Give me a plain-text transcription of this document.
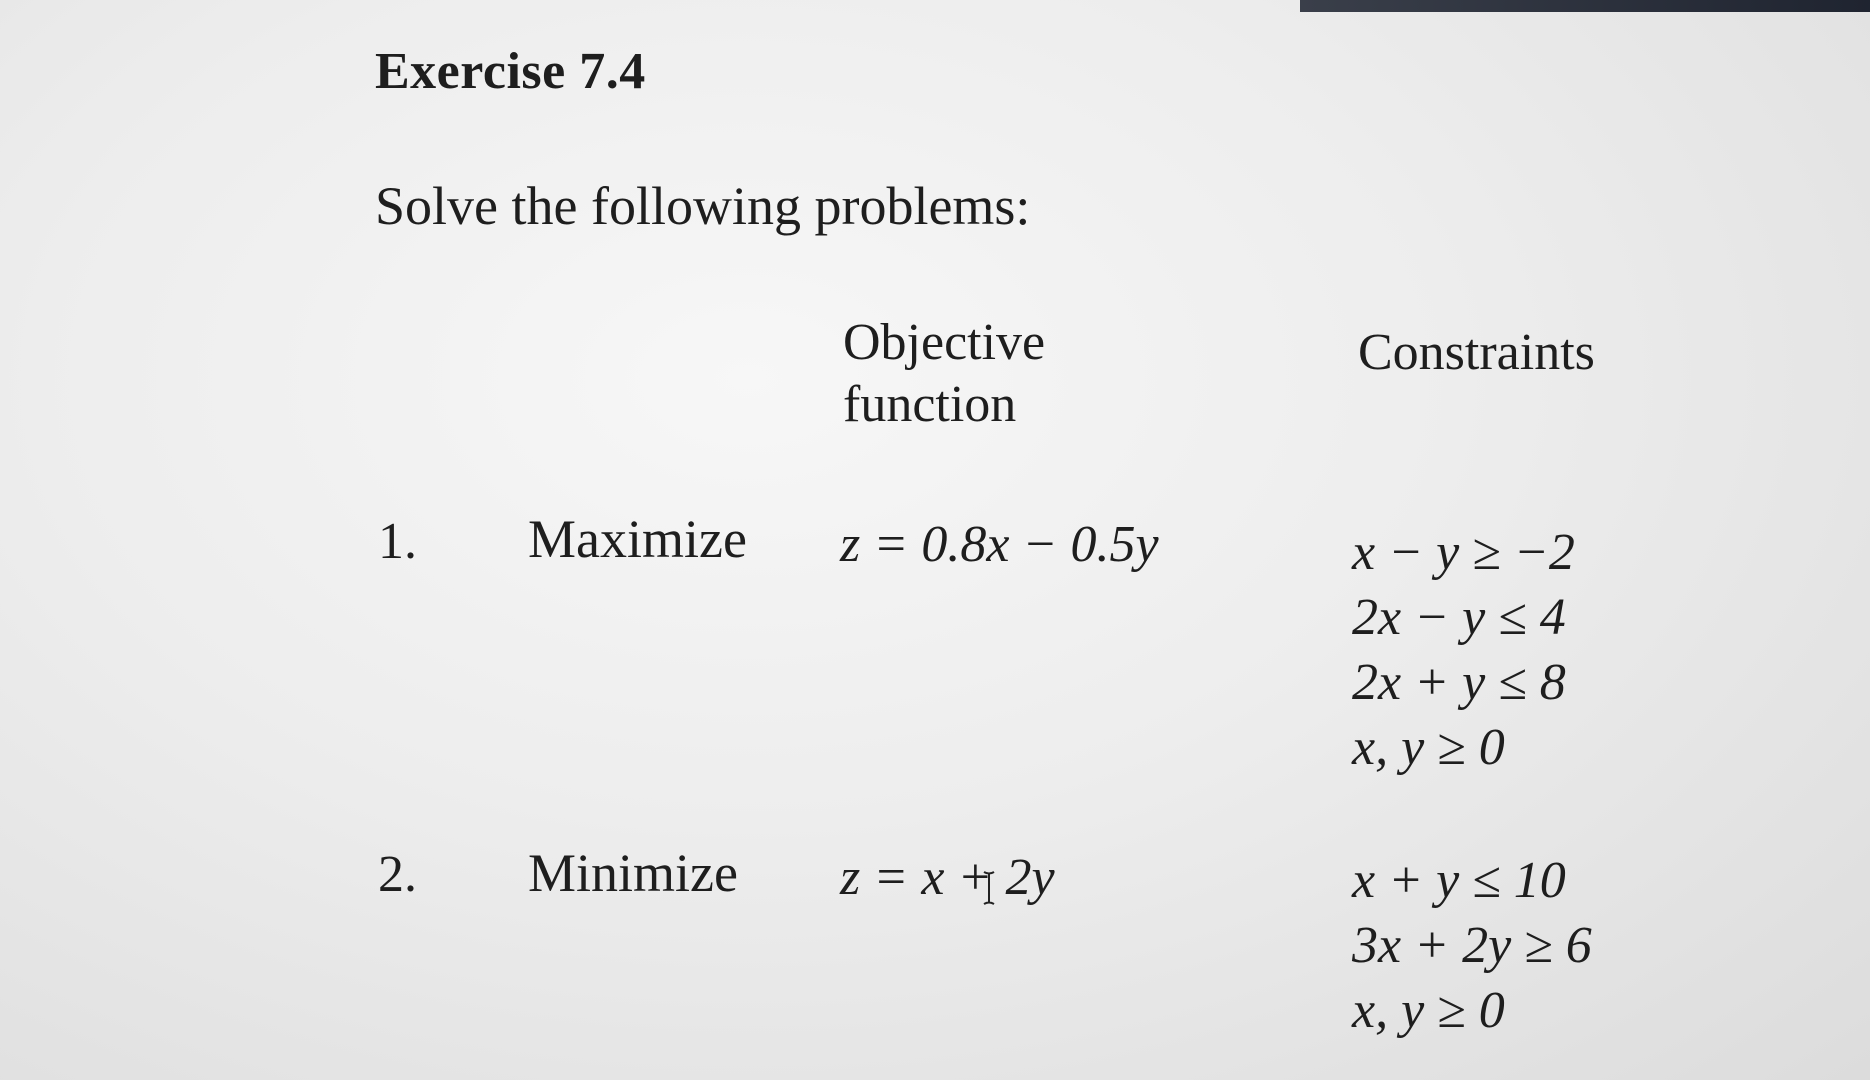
Exercise 7.4
Solve the following problems:
Objective
function
Constraints
1. Maximize z = 0.8x − 0.5y	x − y ≥ −2
2x − y ≤ 4
2x + y ≤ 8
x, y ≥ 0
2. Minimize z = x + 2y	x + y ≤ 10
3x + 2y ≥ 6
x, y ≥ 0
